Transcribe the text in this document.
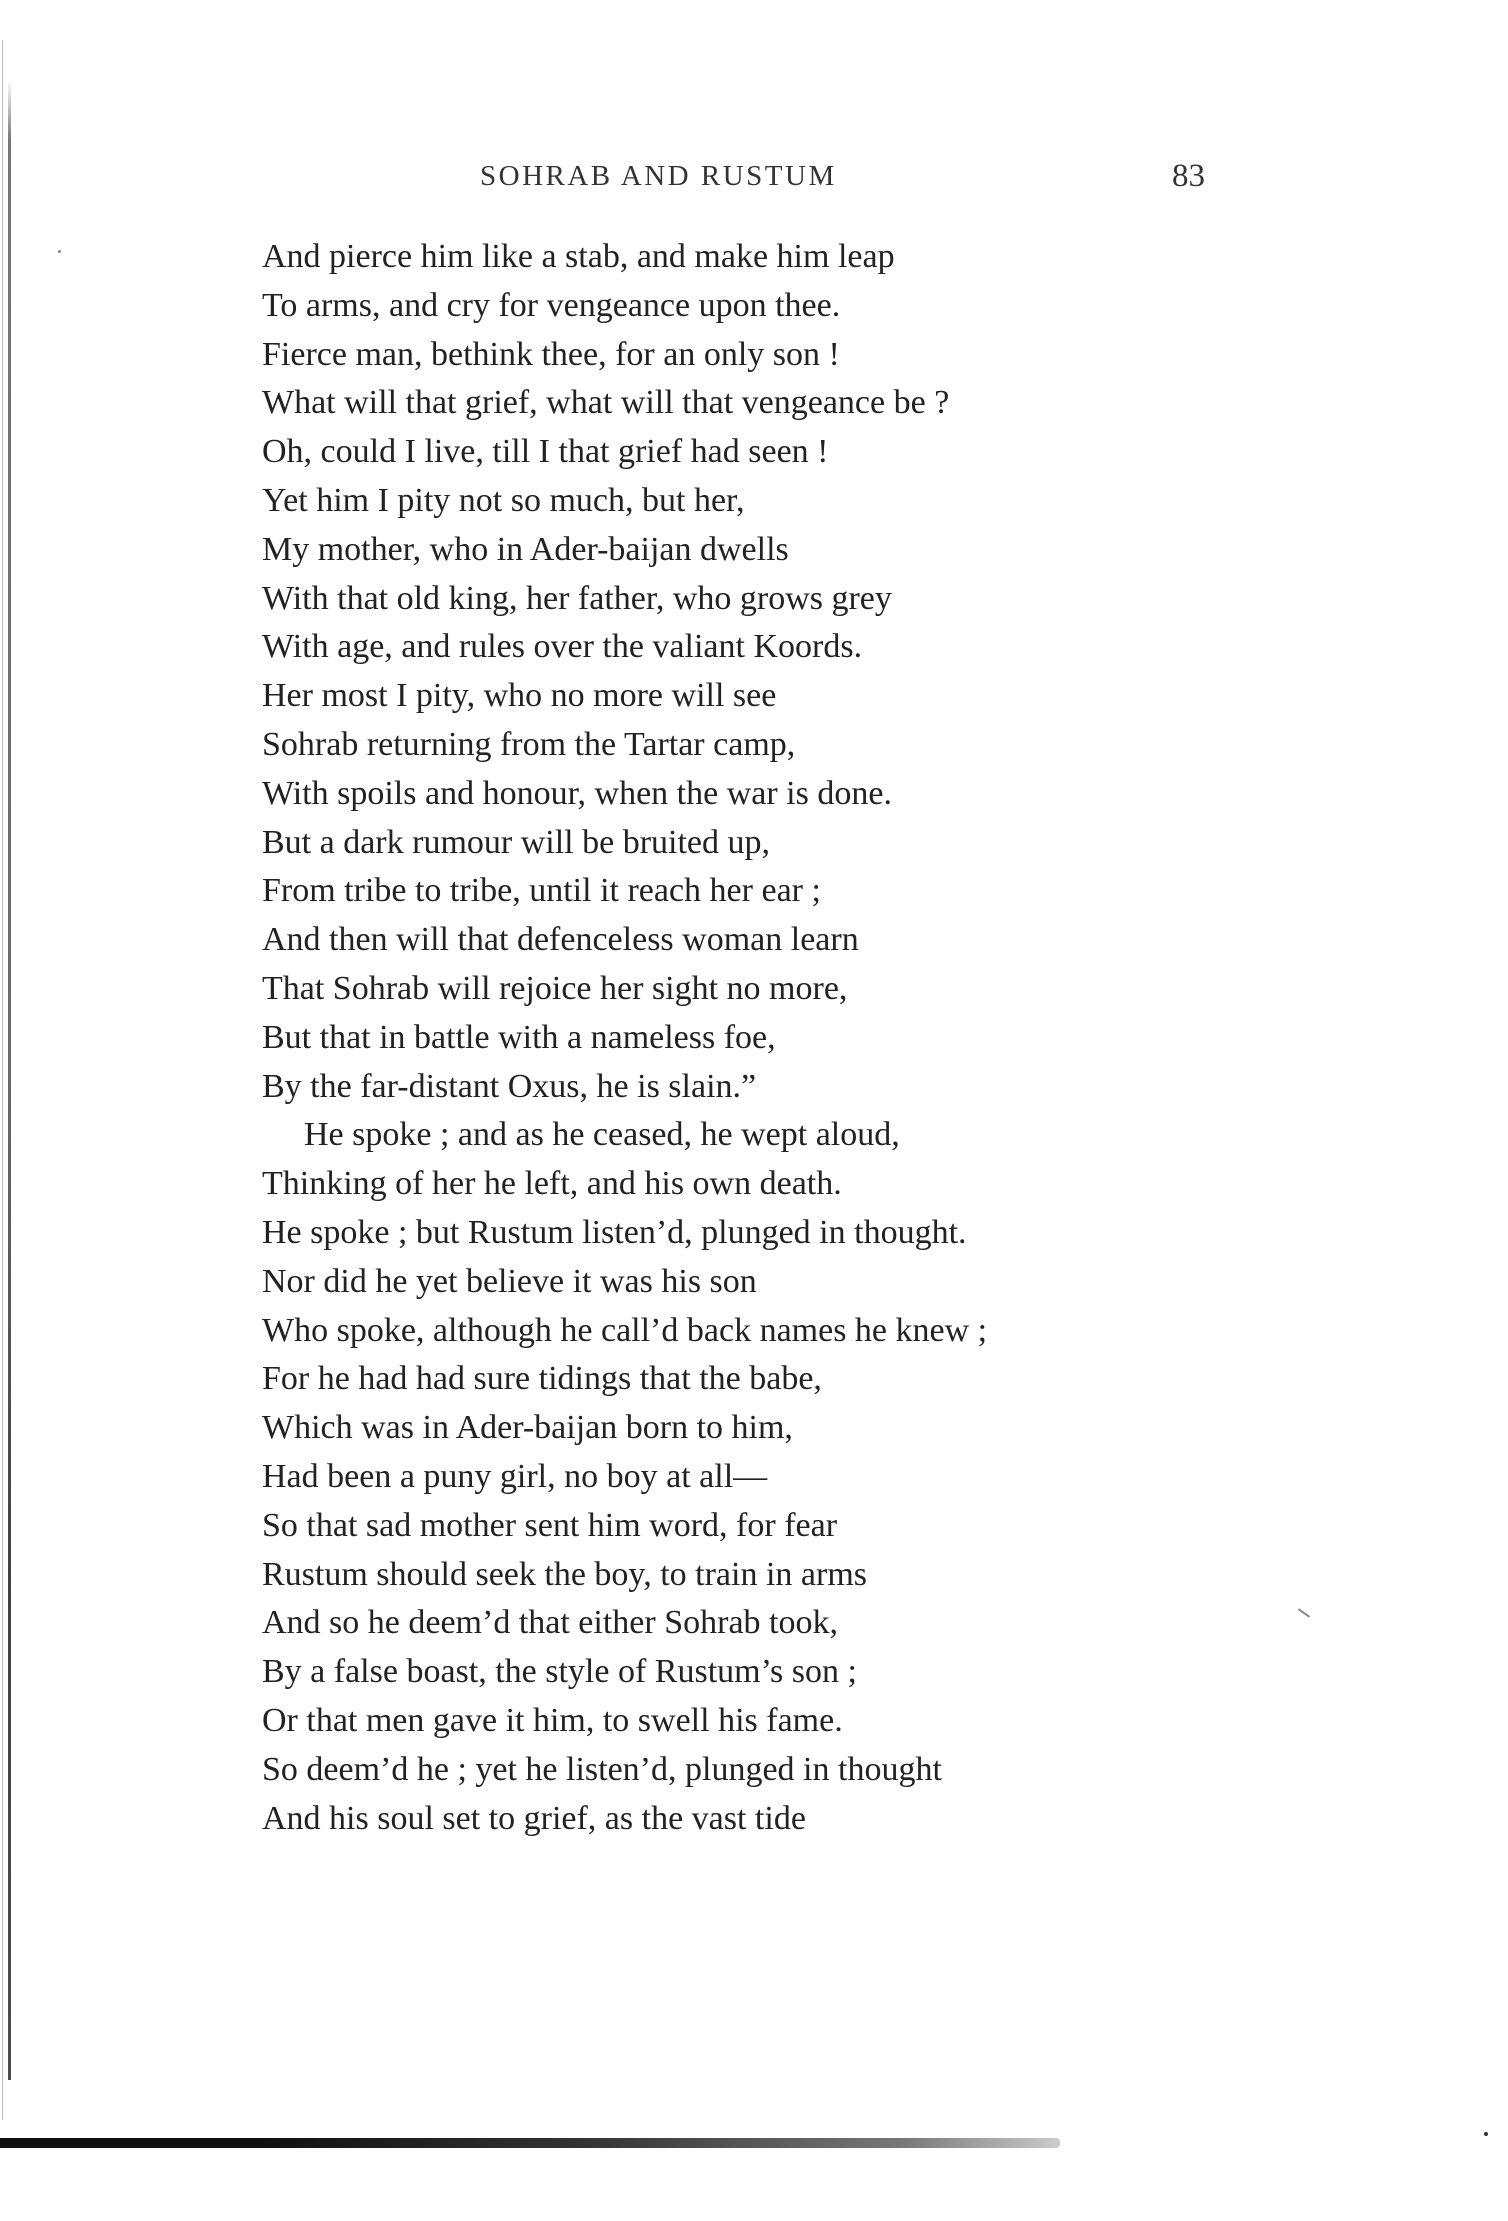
SOHRAB AND RUSTUM	83
And pierce him like a stab, and make him leap
To arms, and cry for vengeance upon thee.
Fierce man, bethink thee, for an only son !
What will that grief, what will that vengeance be ?
Oh, could I live, till I that grief had seen !
Yet him I pity not so much, but her,
My mother, who in Ader-baijan dwells
With that old king, her father, who grows grey
With age, and rules over the valiant Koords.
Her most I pity, who no more will see
Sohrab returning from the Tartar camp,
With spoils and honour, when the war is done.
But a dark rumour will be bruited up,
From tribe to tribe, until it reach her ear ;
And then will that defenceless woman learn
That Sohrab will rejoice her sight no more,
But that in battle with a nameless foe,
By the far-distant Oxus, he is slain.”
He spoke ; and as he ceased, he wept aloud,
Thinking of her he left, and his own death.
He spoke ; but Rustum listen’d, plunged in thought.
Nor did he yet believe it was his son
Who spoke, although he call’d back names he knew ;
For he had had sure tidings that the babe,
Which was in Ader-baijan born to him,
Had been a puny girl, no boy at all—
So that sad mother sent him word, for fear
Rustum should seek the boy, to train in arms
And so he deem’d that either Sohrab took,
By a false boast, the style of Rustum’s son ;
Or that men gave it him, to swell his fame.
So deem’d he ; yet he listen’d, plunged in thought
And his soul set to grief, as the vast tide
